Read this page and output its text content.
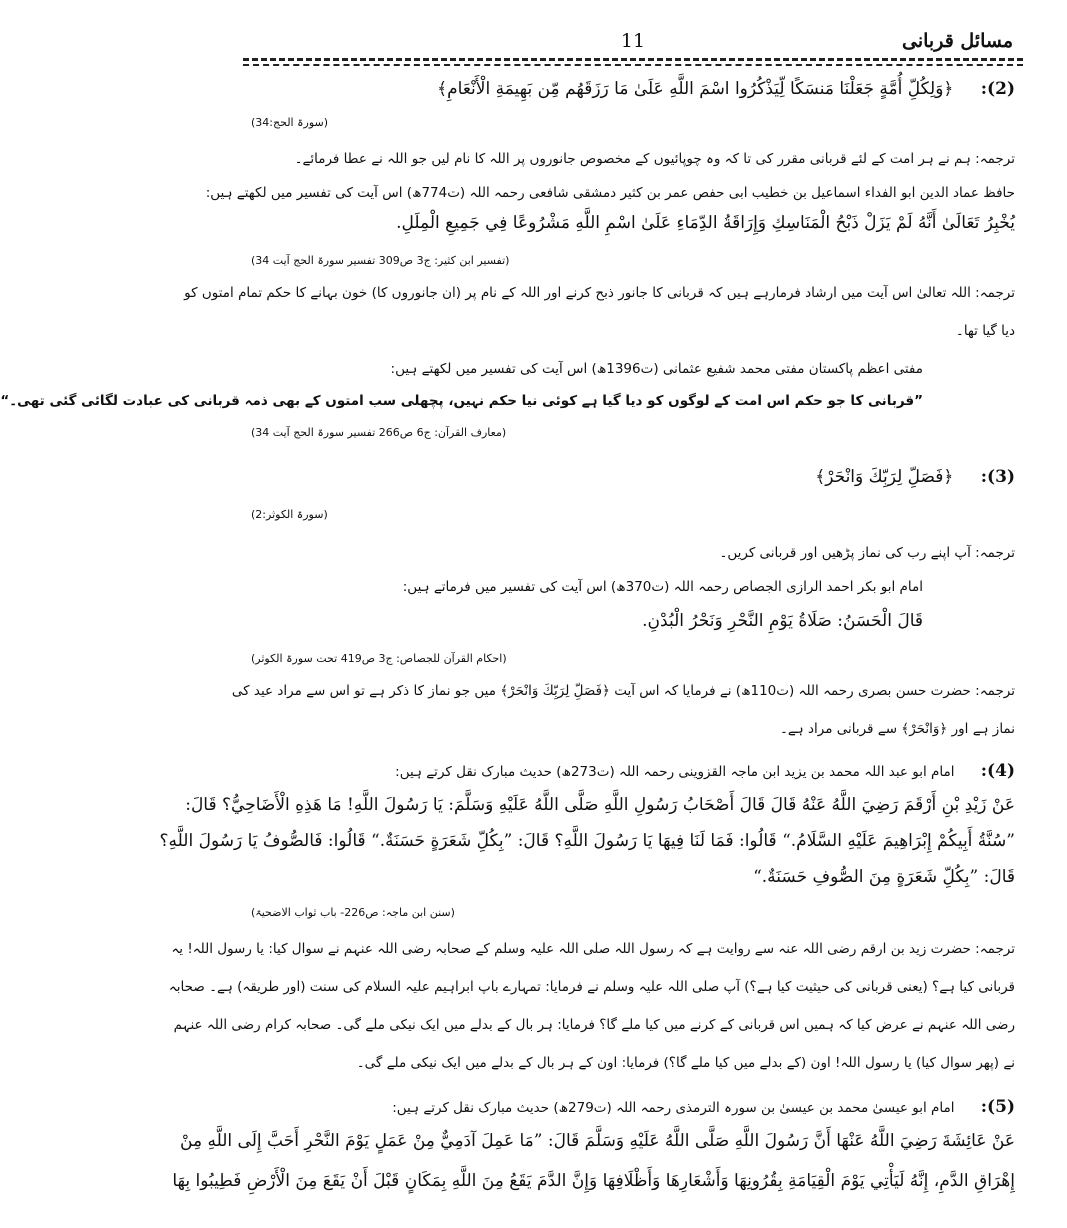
مسائل قربانی
11
(2): ﴿وَلِكُلِّ أُمَّةٍ جَعَلْنَا مَنسَكًا لِّيَذْكُرُوا اسْمَ اللَّهِ عَلَىٰ مَا رَزَقَهُم مِّن بَهِيمَةِ الْأَنْعَامِ﴾
(سورۃ الحج:34)
ترجمہ: ہم نے ہر امت کے لئے قربانی مقرر کی تا کہ وہ چوپائیوں کے مخصوص جانوروں پر اللہ کا نام لیں جو اللہ نے عطا فرمائے۔
حافظ عماد الدین ابو الفداء اسماعیل بن خطیب ابی حفص عمر بن کثیر دمشقی شافعی رحمہ اللہ (ت774ھ) اس آیت کی تفسیر میں لکھتے ہیں:
يُخْبِرُ تَعَالَىٰ أَنَّهُ لَمْ يَزَلْ ذَبْحُ الْمَنَاسِكِ وَإِرَاقَةُ الدِّمَاءِ عَلَىٰ اسْمِ اللَّهِ مَشْرُوعًا فِي جَمِيعِ الْمِلَلِ.
(تفسیر ابن کثیر: ج3 ص309 تفسیر سورۃ الحج آیت 34)
ترجمہ: اللہ تعالیٰ اس آیت میں ارشاد فرمارہے ہیں کہ قربانی کا جانور ذبح کرنے اور اللہ کے نام پر (ان جانوروں کا) خون بہانے کا حکم تمام امتوں کو
دیا گیا تھا۔
مفتی اعظم پاکستان مفتی محمد شفیع عثمانی (ت1396ھ) اس آیت کی تفسیر میں لکھتے ہیں:
”قربانی کا جو حکم اس امت کے لوگوں کو دیا گیا ہے کوئی نیا حکم نہیں، پچھلی سب امتوں کے بھی ذمہ قربانی کی عبادت لگائی گئی تھی۔“
(معارف القرآن: ج6 ص266 تفسیر سورۃ الحج آیت 34)
(3): ﴿فَصَلِّ لِرَبِّكَ وَانْحَرْ﴾
(سورۃ الکوثر:2)
ترجمہ: آپ اپنے رب کی نماز پڑھیں اور قربانی کریں۔
امام ابو بکر احمد الرازی الجصاص رحمہ اللہ (ت370ھ) اس آیت کی تفسیر میں فرماتے ہیں:
قَالَ الْحَسَنُ: صَلَاةُ يَوْمِ النَّحْرِ وَنَحْرُ الْبُدْنِ.
(احکام القرآن للجصاص: ج3 ص419 تحت سورۃ الکوثر)
ترجمہ: حضرت حسن بصری رحمہ اللہ (ت110ھ) نے فرمایا کہ اس آیت ﴿فَصَلِّ لِرَبِّكَ وَانْحَرْ﴾ میں جو نماز کا ذکر ہے تو اس سے مراد عید کی
نماز ہے اور ﴿وَانْحَرْ﴾ سے قربانی مراد ہے۔
(4): امام ابو عبد اللہ محمد بن یزید ابن ماجہ القزوینی رحمہ اللہ (ت273ھ) حدیث مبارک نقل کرتے ہیں:
عَنْ زَيْدِ بْنِ أَرْقَمَ رَضِيَ اللَّهُ عَنْهُ قَالَ قَالَ أَصْحَابُ رَسُولِ اللَّهِ صَلَّى اللَّهُ عَلَيْهِ وَسَلَّمَ: يَا رَسُولَ اللَّهِ! مَا هَذِهِ الْأَضَاحِيُّ؟ قَالَ:
”سُنَّةُ أَبِيكُمْ إِبْرَاهِيمَ عَلَيْهِ السَّلَامُ.“ قَالُوا: فَمَا لَنَا فِيهَا يَا رَسُولَ اللَّهِ؟ قَالَ: ”بِكُلِّ شَعَرَةٍ حَسَنَةٌ.“ قَالُوا: فَالصُّوفُ يَا رَسُولَ اللَّهِ؟
قَالَ: ”بِكُلِّ شَعَرَةٍ مِنَ الصُّوفِ حَسَنَةٌ.“
(سنن ابن ماجہ: ص226- باب ثواب الاضحیۃ)
ترجمہ: حضرت زید بن ارقم رضی اللہ عنہ سے روایت ہے کہ رسول اللہ صلی اللہ علیہ وسلم کے صحابہ رضی اللہ عنہم نے سوال کیا: یا رسول اللہ! یہ
قربانی کیا ہے؟ (یعنی قربانی کی حیثیت کیا ہے؟) آپ صلی اللہ علیہ وسلم نے فرمایا: تمہارے باپ ابراہیم علیہ السلام کی سنت (اور طریقہ) ہے۔ صحابہ
رضی اللہ عنہم نے عرض کیا کہ ہمیں اس قربانی کے کرنے میں کیا ملے گا؟ فرمایا: ہر بال کے بدلے میں ایک نیکی ملے گی۔ صحابہ کرام رضی اللہ عنہم
نے (پھر سوال کیا) یا رسول اللہ! اون (کے بدلے میں کیا ملے گا؟) فرمایا: اون کے ہر بال کے بدلے میں ایک نیکی ملے گی۔
(5): امام ابو عیسیٰ محمد بن عیسیٰ بن سورہ الترمذی رحمہ اللہ (ت279ھ) حدیث مبارک نقل کرتے ہیں:
عَنْ عَائِشَةَ رَضِيَ اللَّهُ عَنْهَا أَنَّ رَسُولَ اللَّهِ صَلَّى اللَّهُ عَلَيْهِ وَسَلَّمَ قَالَ: ”مَا عَمِلَ آدَمِيٌّ مِنْ عَمَلٍ يَوْمَ النَّحْرِ أَحَبَّ إِلَى اللَّهِ مِنْ
إِهْرَاقِ الدَّمِ، إِنَّهُ لَيَأْتِي يَوْمَ الْقِيَامَةِ بِقُرُونِهَا وَأَشْعَارِهَا وَأَظْلَافِهَا وَإِنَّ الدَّمَ يَقَعُ مِنَ اللَّهِ بِمَكَانٍ قَبْلَ أَنْ يَقَعَ مِنَ الْأَرْضِ فَطِيبُوا بِهَا
